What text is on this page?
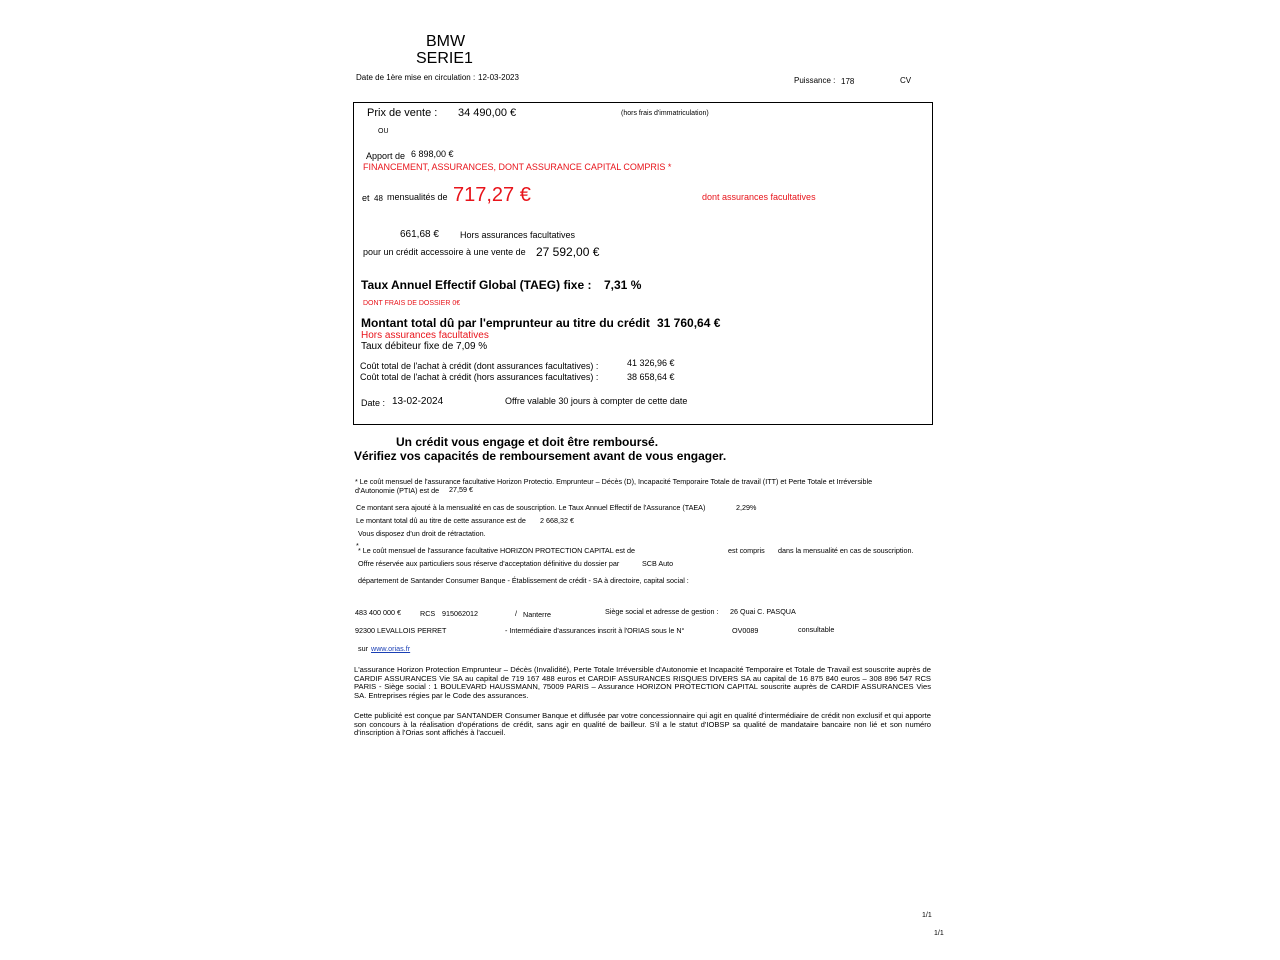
BMW
SERIE1
Date de 1ère mise en circulation : 12-03-2023	Puissance : 178	CV
Prix de vente : 34 490,00 €	(hors frais d'immatriculation)
OU
Apport de 6 898,00 €
FINANCEMENT, ASSURANCES, DONT ASSURANCE CAPITAL COMPRIS *
et 48 mensualités de 717,27 €	dont assurances facultatives
661,68 € Hors assurances facultatives
pour un crédit accessoire à une vente de 27 592,00 €
Taux Annuel Effectif Global (TAEG) fixe : 7,31 %
DONT FRAIS DE DOSSIER 0€
Montant total dû par l'emprunteur au titre du crédit 31 760,64 €
Hors assurances facultatives
Taux débiteur fixe de 7,09 %
Coût total de l'achat à crédit (dont assurances facultatives) :	41 326,96 €
Coût total de l'achat à crédit (hors assurances facultatives) :	38 658,64 €
Date : 13-02-2024	Offre valable 30 jours à compter de cette date
Un crédit vous engage et doit être remboursé.
Vérifiez vos capacités de remboursement avant de vous engager.
* Le coût mensuel de l'assurance facultative Horizon Protectio. Emprunteur – Décès (D), Incapacité Temporaire Totale de travail (ITT) et Perte Totale et Irréversible
d'Autonomie (PTIA) est de 27,59 €
Ce montant sera ajouté à la mensualité en cas de souscription. Le Taux Annuel Effectif de l'Assurance (TAEA)	2,29%
Le montant total dû au titre de cette assurance est de 2 668,32 €
Vous disposez d'un droit de rétractation.
*
* Le coût mensuel de l'assurance facultative HORIZON PROTECTION CAPITAL est de	est compris dans la mensualité en cas de souscription.
Offre réservée aux particuliers sous réserve d'acceptation définitive du dossier par	SCB Auto
département de Santander Consumer Banque - Établissement de crédit - SA à directoire, capital social :
483 400 000 €	RCS 915062012	/ Nanterre	Siège social et adresse de gestion : 26 Quai C. PASQUA
92300 LEVALLOIS PERRET	- Intermédiaire d'assurances inscrit à l'ORIAS sous le N°	OV0089	consultable
sur www.orias.fr
L'assurance Horizon Protection Emprunteur – Décès (Invalidité), Perte Totale Irréversible d'Autonomie et Incapacité Temporaire et Totale de Travail est souscrite auprès de CARDIF ASSURANCES Vie SA au capital de 719 167 488 euros et CARDIF ASSURANCES RISQUES DIVERS SA au capital de 16 875 840 euros – 308 896 547 RCS PARIS - Siège social : 1 BOULEVARD HAUSSMANN, 75009 PARIS – Assurance HORIZON PROTECTION CAPITAL souscrite auprès de CARDIF ASSURANCES Vies SA. Entreprises régies par le Code des assurances.
Cette publicité est conçue par SANTANDER Consumer Banque et diffusée par votre concessionnaire qui agit en qualité d'intermédiaire de crédit non exclusif et qui apporte son concours à la réalisation d'opérations de crédit, sans agir en qualité de bailleur. S'il a le statut d'IOBSP sa qualité de mandataire bancaire non lié et son numéro d'inscription à l'Orias sont affichés à l'accueil.
1/1
1/1
